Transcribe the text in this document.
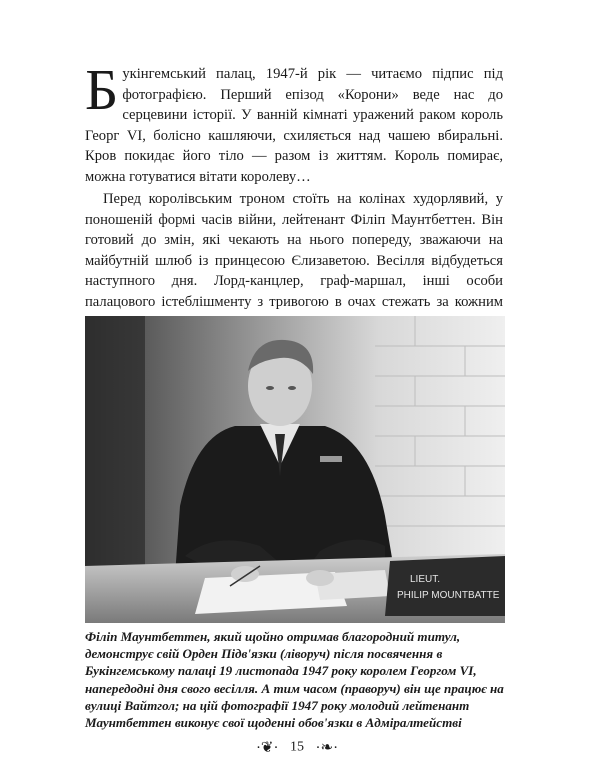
Букінгемський палац, 1947-й рік — читаємо підпис під фотографією. Перший епізод «Корони» веде нас до серцевини історії. У ванній кімнаті уражений раком король Георг VI, болісно кашляючи, схиляється над чашею вбиральні. Кров покидає його тіло — разом із життям. Король помирає, можна готуватися вітати королеву…
Перед королівським троном стоїть на колінах худорлявий, у поношеній формі часів війни, лейтенант Філіп Маунтбеттен. Він готовий до змін, які чекають на нього попереду, зважаючи на майбутній шлюб із принцесою Єлизаветою. Весілля відбудеться наступного дня. Лорд-канцлер, граф-маршал, інші особи палацового істеблішменту з тривогою в очах стежать за кожним
LIEUT.
PHILIP MOUNTBATTE
Філіп Маунтбеттен, який щойно отримав благородний титул, демонструє свій Орден Підв'язки (ліворуч) після посвячення в Букінгемському палаці 19 листопада 1947 року королем Георгом VI, напередодні дня свого весілля. А тим часом (праворуч) він ще працює на вулиці Вайтгол; на цій фотографії 1947 року молодий лейтенант Маунтбеттен виконує свої щоденні обов'язки в Адміралтействі
·❦· 15 ·❧·
